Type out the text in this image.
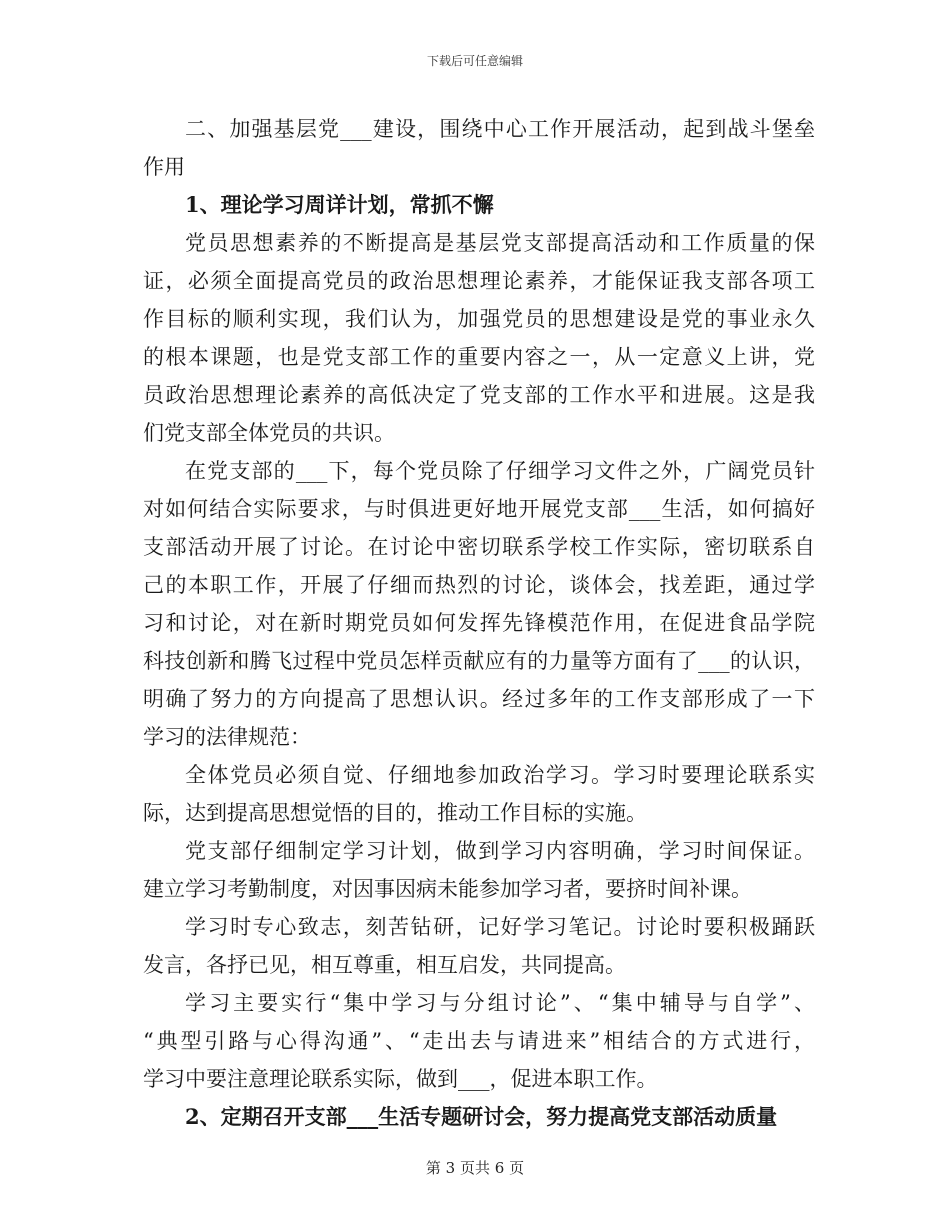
下载后可任意编辑
二、加强基层党___建设，围绕中心工作开展活动，起到战斗堡垒
作用
1、理论学习周详计划，常抓不懈
党员思想素养的不断提高是基层党支部提高活动和工作质量的保
证，必须全面提高党员的政治思想理论素养，才能保证我支部各项工
作目标的顺利实现，我们认为，加强党员的思想建设是党的事业永久
的根本课题，也是党支部工作的重要内容之一，从一定意义上讲，党
员政治思想理论素养的高低决定了党支部的工作水平和进展。这是我
们党支部全体党员的共识。
在党支部的___下，每个党员除了仔细学习文件之外，广阔党员针
对如何结合实际要求，与时俱进更好地开展党支部___生活，如何搞好
支部活动开展了讨论。在讨论中密切联系学校工作实际，密切联系自
己的本职工作，开展了仔细而热烈的讨论，谈体会，找差距，通过学
习和讨论，对在新时期党员如何发挥先锋模范作用，在促进食品学院
科技创新和腾飞过程中党员怎样贡献应有的力量等方面有了___的认识，
明确了努力的方向提高了思想认识。经过多年的工作支部形成了一下
学习的法律规范：
全体党员必须自觉、仔细地参加政治学习。学习时要理论联系实
际，达到提高思想觉悟的目的，推动工作目标的实施。
党支部仔细制定学习计划，做到学习内容明确，学习时间保证。
建立学习考勤制度，对因事因病未能参加学习者，要挤时间补课。
学习时专心致志，刻苦钻研，记好学习笔记。讨论时要积极踊跃
发言，各抒已见，相互尊重，相互启发，共同提高。
学习主要实行“集中学习与分组讨论”、“集中辅导与自学”、
“典型引路与心得沟通”、“走出去与请进来”相结合的方式进行，
学习中要注意理论联系实际，做到___，促进本职工作。
2、定期召开支部___生活专题研讨会，努力提高党支部活动质量
第 3 页共 6 页
